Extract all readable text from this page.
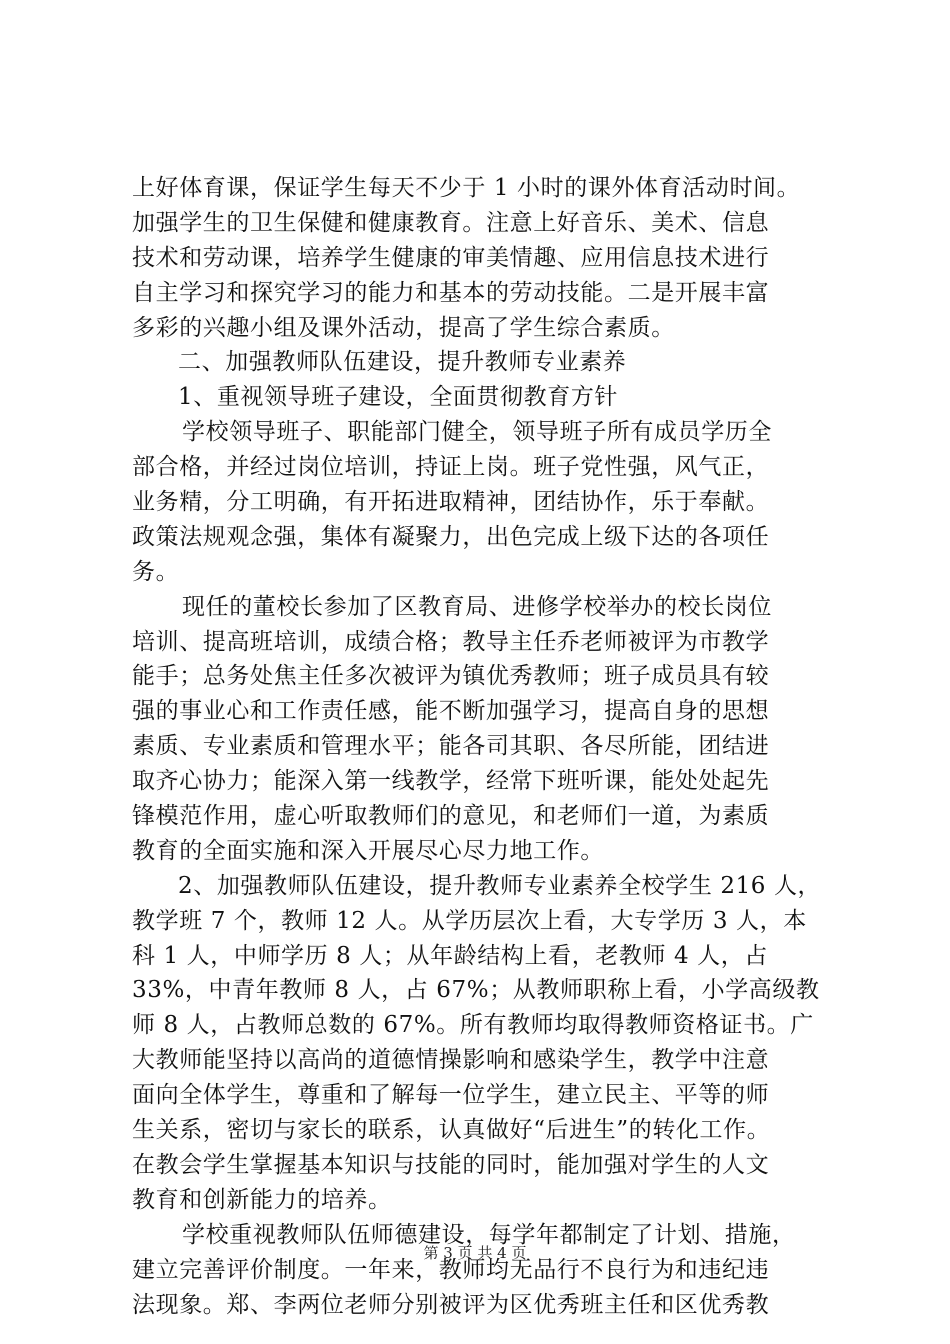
上好体育课，保证学生每天不少于 1 小时的课外体育活动时间。
加强学生的卫生保健和健康教育。注意上好音乐、美术、信息
技术和劳动课，培养学生健康的审美情趣、应用信息技术进行
自主学习和探究学习的能力和基本的劳动技能。二是开展丰富
多彩的兴趣小组及课外活动，提高了学生综合素质。
二、加强教师队伍建设，提升教师专业素养
1、重视领导班子建设，全面贯彻教育方针
学校领导班子、职能部门健全，领导班子所有成员学历全
部合格，并经过岗位培训，持证上岗。班子党性强，风气正，
业务精，分工明确，有开拓进取精神，团结协作，乐于奉献。
政策法规观念强，集体有凝聚力，出色完成上级下达的各项任
务。
现任的董校长参加了区教育局、进修学校举办的校长岗位
培训、提高班培训，成绩合格；教导主任乔老师被评为市教学
能手；总务处焦主任多次被评为镇优秀教师；班子成员具有较
强的事业心和工作责任感，能不断加强学习，提高自身的思想
素质、专业素质和管理水平；能各司其职、各尽所能，团结进
取齐心协力；能深入第一线教学，经常下班听课，能处处起先
锋模范作用，虚心听取教师们的意见，和老师们一道，为素质
教育的全面实施和深入开展尽心尽力地工作。
2、加强教师队伍建设，提升教师专业素养全校学生 216 人，
教学班 7 个，教师 12 人。从学历层次上看，大专学历 3 人，本
科 1 人，中师学历 8 人；从年龄结构上看，老教师 4 人，占
33%，中青年教师 8 人，占 67%；从教师职称上看，小学高级教
师 8 人，占教师总数的 67%。所有教师均取得教师资格证书。广
大教师能坚持以高尚的道德情操影响和感染学生，教学中注意
面向全体学生，尊重和了解每一位学生，建立民主、平等的师
生关系，密切与家长的联系，认真做好“后进生”的转化工作。
在教会学生掌握基本知识与技能的同时，能加强对学生的人文
教育和创新能力的培养。
学校重视教师队伍师德建设，每学年都制定了计划、措施，
建立完善评价制度。一年来，教师均无品行不良行为和违纪违
法现象。郑、李两位老师分别被评为区优秀班主任和区优秀教
第 3 页 共 4 页
